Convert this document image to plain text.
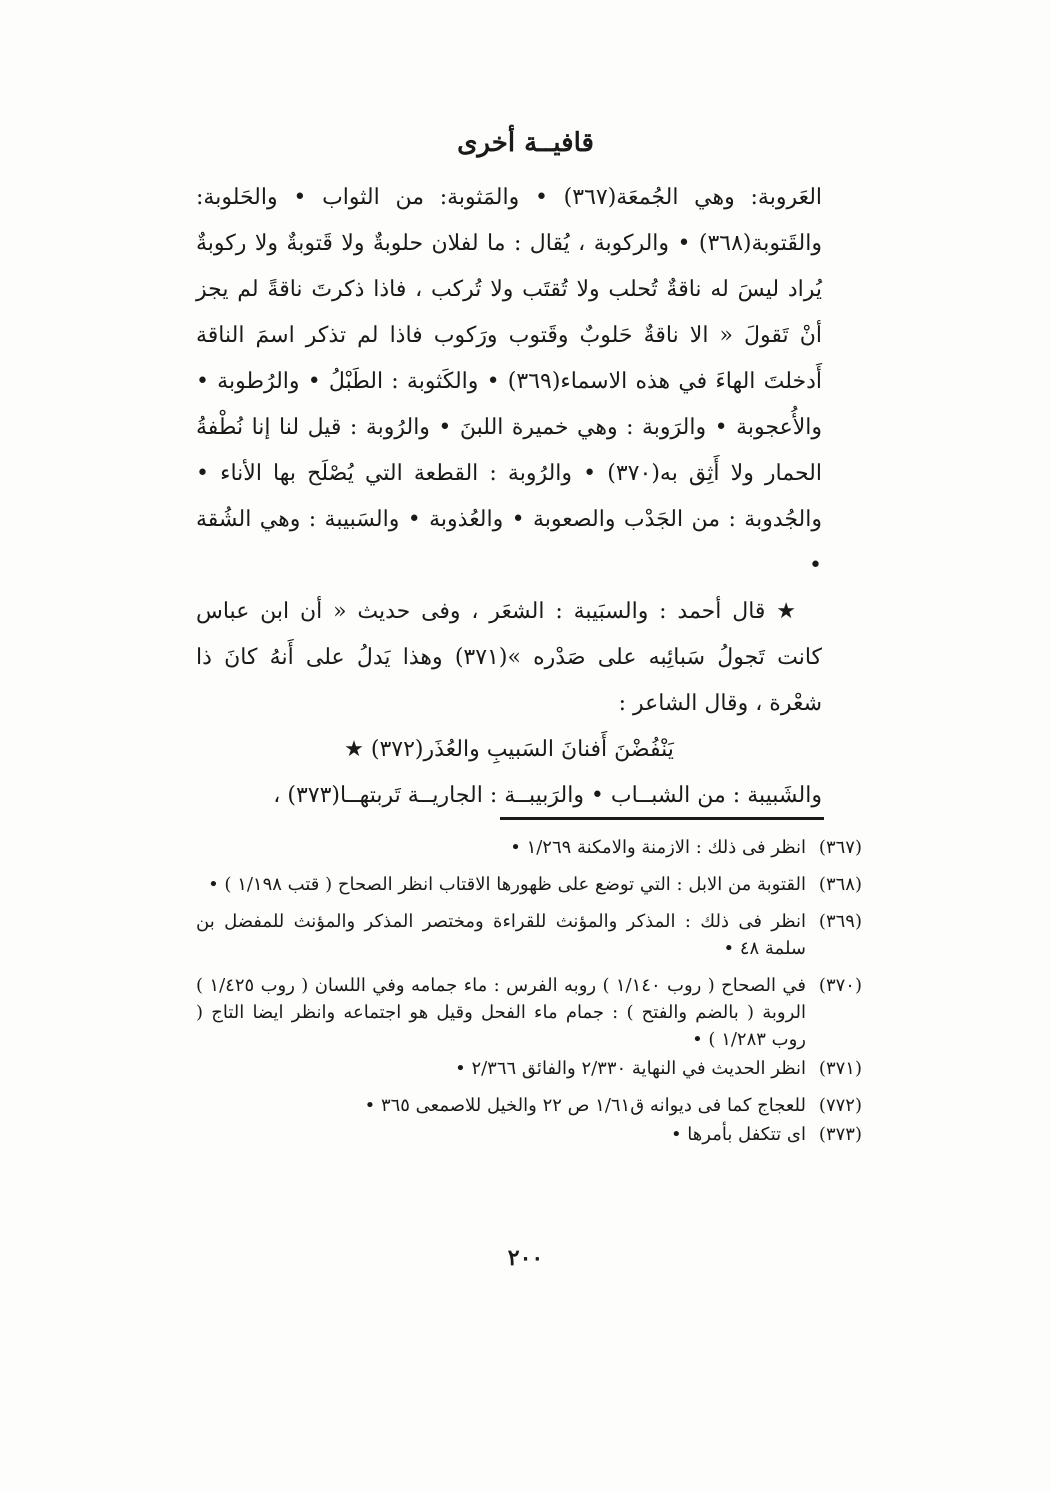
قافيــة أخرى

العَروبة: وهي الجُمعَة(٣٦٧) • والمَثوبة: من الثواب • والحَلوبة: والقَتوبة(٣٦٨) • والركوبة ، يُقال : ما لفلان حلوبةٌ ولا قَتوبةٌ ولا ركوبةٌ يُراد ليسَ له ناقةٌ تُحلب ولا تُقتَب ولا تُركب ، فاذا ذكرتَ ناقةً لم يجز أنْ تَقولَ « الا ناقةٌ حَلوبٌ وقَتوب ورَكوب فاذا لم تذكر اسمَ الناقة أَدخلتَ الهاءَ في هذه الاسماء(٣٦٩) • والكَثوبة : الطَبْلُ • والرُطوبة • والأُعجوبة • والرَوبة : وهي خميرة اللبنَ • والرُوبة : قيل لنا إنا نُطْفةُ الحمار ولا أَثِق به(٣٧٠) • والرُوبة : القطعة التي يُصْلَح بها الأناء • والجُدوبة : من الجَدْب والصعوبة • والعُذوبة • والسَبيبة : وهي الشُقة •

★ قال أحمد : والسبَيبة : الشعَر ، وفى حديث « أن ابن عباس كانت تَجولُ سَبائِبه على صَدْره »(٣٧١) وهذا يَدلُ على أَنهُ كانَ ذا شعْرة ، وقال الشاعر :

يَنْفُضْنَ أَفنانَ السَبيبِ والعُذَر(٣٧٢) ★

والشَبيبة : من الشبــاب • والرَبيبــة : الجاريــة تَربتهــا(٣٧٣) ،

(٣٦٧)
انظر فى ذلك : الازمنة والامكنة ١/٢٦٩ •
(٣٦٨)
القتوبة من الابل : التي توضع على ظهورها الاقتاب انظر الصحاح ( قتب ١/١٩٨ ) •
(٣٦٩)
انظر فى ذلك : المذكر والمؤنث للقراءة ومختصر المذكر والمؤنث للمفضل بن سلمة ٤٨ •
(٣٧٠)
في الصحاح ( روب ١/١٤٠ ) روبه الفرس : ماء جمامه وفي اللسان ( روب ١/٤٢٥ ) الروبة ( بالضم والفتح ) : جمام ماء الفحل وقيل هو اجتماعه وانظر ايضا التاج ( روب ١/٢٨٣ ) •
(٣٧١)
انظر الحديث في النهاية ٢/٣٣٠ والفائق ٢/٣٦٦ •
(٧٧٢)
للعجاج كما فى ديوانه ق١/٦١ ص ٢٢ والخيل للاصمعى ٣٦٥ •
(٣٧٣)
اى تتكفل بأمرها •
٢٠٠
